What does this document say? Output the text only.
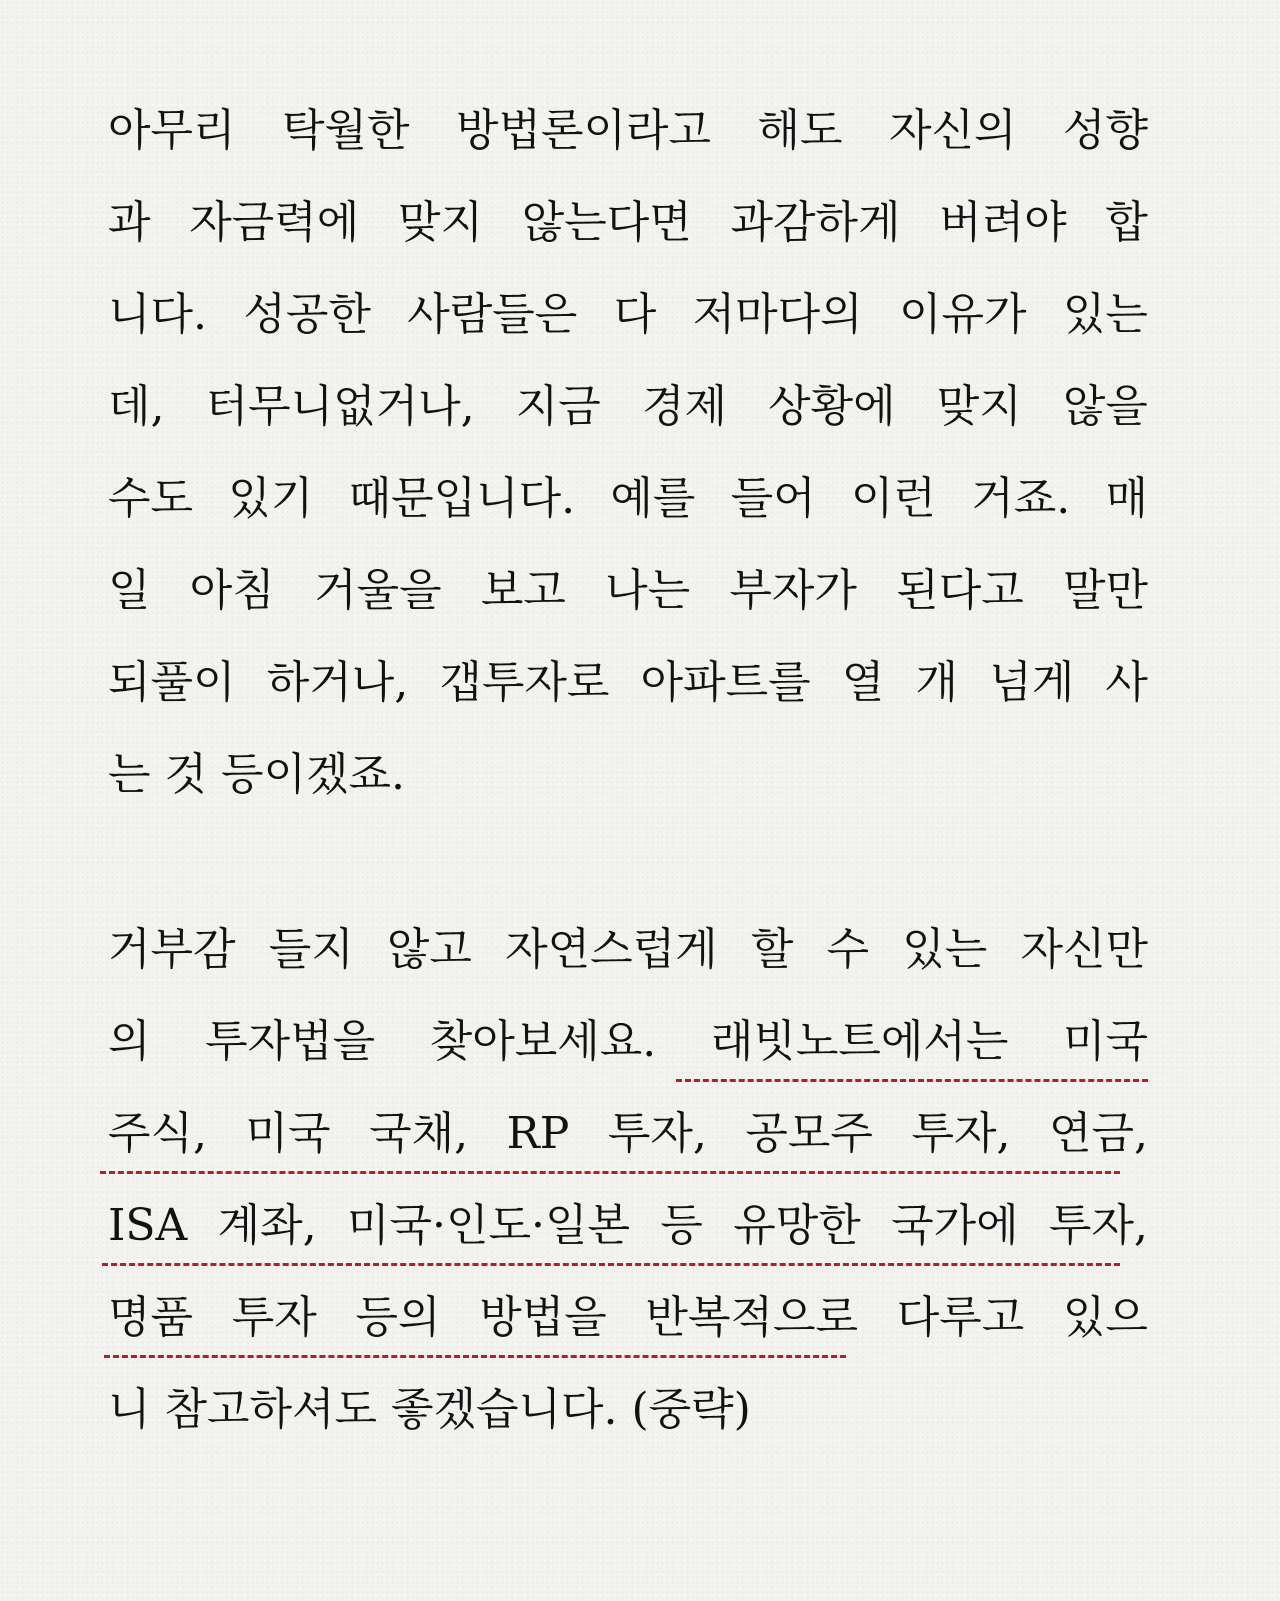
아무리 탁월한 방법론이라고 해도 자신의 성향
과 자금력에 맞지 않는다면 과감하게 버려야 합
니다. 성공한 사람들은 다 저마다의 이유가 있는
데, 터무니없거나, 지금 경제 상황에 맞지 않을
수도 있기 때문입니다. 예를 들어 이런 거죠. 매
일 아침 거울을 보고 나는 부자가 된다고 말만
되풀이 하거나, 갭투자로 아파트를 열 개 넘게 사
는 것 등이겠죠.
거부감 들지 않고 자연스럽게 할 수 있는 자신만
의 투자법을 찾아보세요. 래빗노트에서는 미국
주식, 미국 국채, RP 투자, 공모주 투자, 연금,
ISA 계좌, 미국·인도·일본 등 유망한 국가에 투자,
명품 투자 등의 방법을 반복적으로 다루고 있으
니 참고하셔도 좋겠습니다. (중략)
